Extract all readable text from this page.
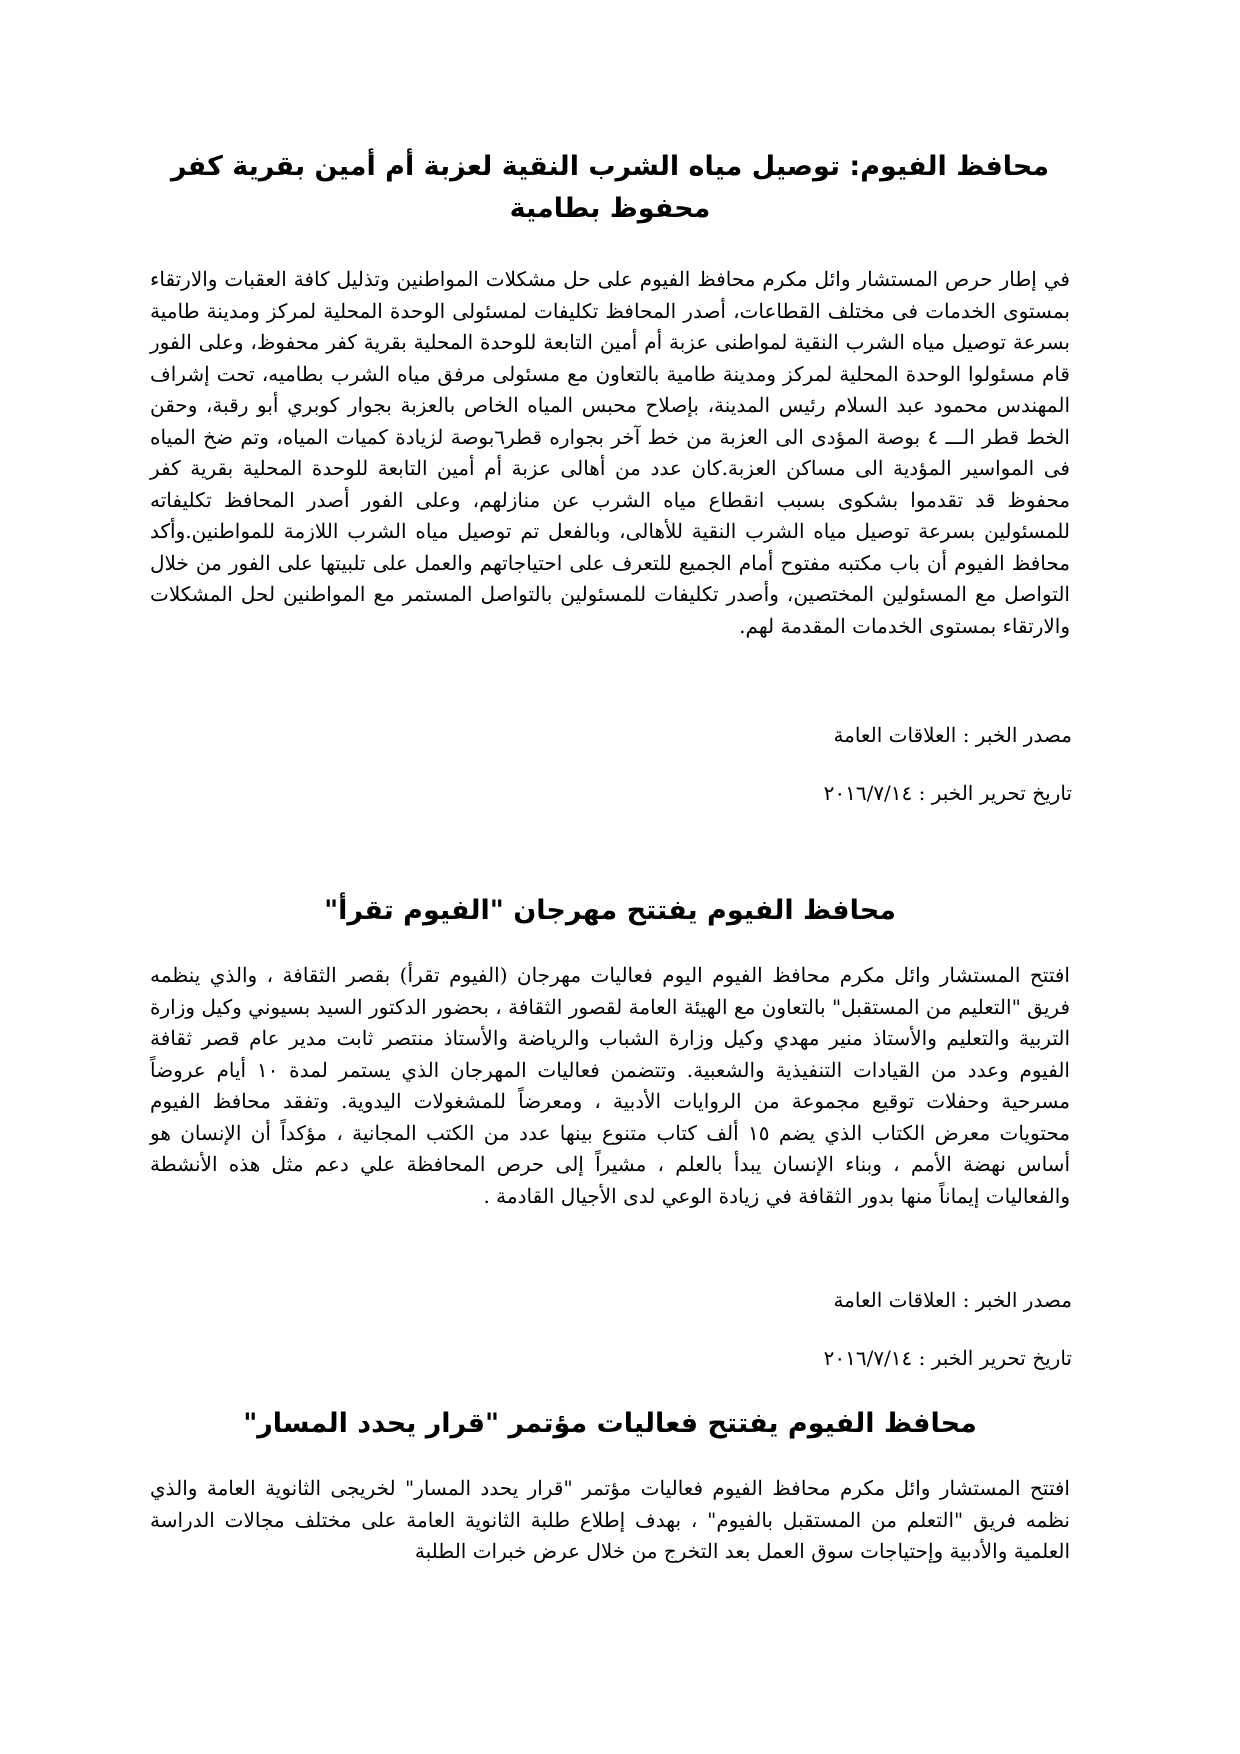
محافظ الفيوم: توصيل مياه الشرب النقية لعزبة أم أمين بقرية كفر محفوظ بطامية

في إطار حرص المستشار وائل مكرم محافظ الفيوم على حل مشكلات المواطنين وتذليل كافة العقبات والارتقاء بمستوى الخدمات فى مختلف القطاعات، أصدر المحافظ تكليفات لمسئولى الوحدة المحلية لمركز ومدينة طامية بسرعة توصيل مياه الشرب النقية لمواطنى عزبة أم أمين التابعة للوحدة المحلية بقرية كفر محفوظ، وعلى الفور قام مسئولوا الوحدة المحلية لمركز ومدينة طامية بالتعاون مع مسئولى مرفق مياه الشرب بطاميه، تحت إشراف المهندس محمود عبد السلام رئيس المدينة، بإصلاح محبس المياه الخاص بالعزبة بجوار كوبري أبو رقبة، وحقن الخط قطر الـــ ٤ بوصة المؤدى الى العزبة من خط آخر بجواره قطر٦بوصة لزيادة كميات المياه، وتم ضخ المياه فى المواسير المؤدية الى مساكن العزبة.كان عدد من أهالى عزبة أم أمين التابعة للوحدة المحلية بقرية كفر محفوظ قد تقدموا بشكوى بسبب انقطاع مياه الشرب عن منازلهم، وعلى الفور أصدر المحافظ تكليفاته للمسئولين بسرعة توصيل مياه الشرب النقية للأهالى، وبالفعل تم توصيل مياه الشرب اللازمة للمواطنين.وأكد محافظ الفيوم أن باب مكتبه مفتوح أمام الجميع للتعرف على احتياجاتهم والعمل على تلبيتها على الفور من خلال التواصل مع المسئولين المختصين، وأصدر تكليفات للمسئولين بالتواصل المستمر مع المواطنين لحل المشكلات والارتقاء بمستوى الخدمات المقدمة لهم.

مصدر الخبر : العلاقات العامة

تاريخ تحرير الخبر : ٢٠١٦/٧/١٤

محافظ الفيوم يفتتح مهرجان "الفيوم تقرأ"

افتتح المستشار وائل مكرم محافظ الفيوم اليوم فعاليات مهرجان (الفيوم تقرأ) بقصر الثقافة ، والذي ينظمه فريق "التعليم من المستقبل" بالتعاون مع الهيئة العامة لقصور الثقافة ، بحضور الدكتور السيد بسيوني وكيل وزارة التربية والتعليم والأستاذ منير مهدي وكيل وزارة الشباب والرياضة والأستاذ منتصر ثابت مدير عام قصر ثقافة الفيوم وعدد من القيادات التنفيذية والشعبية. وتتضمن فعاليات المهرجان الذي يستمر لمدة ١٠ أيام عروضاً مسرحية وحفلات توقيع مجموعة من الروايات الأدبية ، ومعرضاً للمشغولات اليدوية. وتفقد محافظ الفيوم محتويات معرض الكتاب الذي يضم ١٥ ألف كتاب متنوع بينها عدد من الكتب المجانية ، مؤكداً أن الإنسان هو أساس نهضة الأمم ، وبناء الإنسان يبدأ بالعلم ، مشيراً إلى حرص المحافظة علي دعم مثل هذه الأنشطة والفعاليات إيماناً منها بدور الثقافة في زيادة الوعي لدى الأجيال القادمة .

مصدر الخبر : العلاقات العامة

تاريخ تحرير الخبر : ٢٠١٦/٧/١٤

محافظ الفيوم يفتتح فعاليات مؤتمر "قرار يحدد المسار"

افتتح المستشار وائل مكرم محافظ الفيوم فعاليات مؤتمر "قرار يحدد المسار" لخريجى الثانوية العامة والذي نظمه فريق "التعلم من المستقبل بالفيوم" ، بهدف إطلاع طلبة الثانوية العامة على مختلف مجالات الدراسة العلمية والأدبية وإحتياجات سوق العمل بعد التخرج من خلال عرض خبرات الطلبة
